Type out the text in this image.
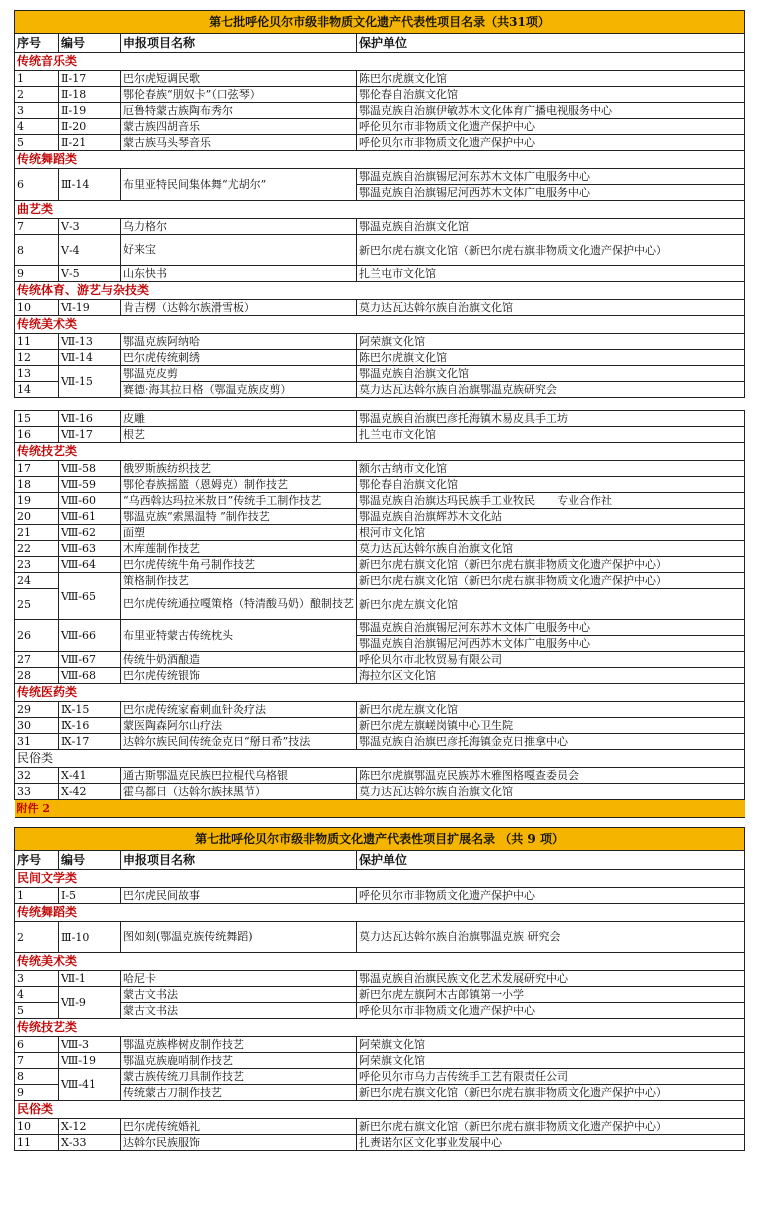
第七批呼伦贝尔市级非物质文化遗产代表性项目名录（共31项）			
序号	编号	申报项目名称	保护单位
传统音乐类			
1	Ⅱ-17	巴尔虎短调民歌	陈巴尔虎旗文化馆
2	Ⅱ-18	鄂伦春族“朋奴卡”（口弦琴）	鄂伦春自治旗文化馆
3	Ⅱ-19	厄鲁特蒙古族陶布秀尔	鄂温克族自治旗伊敏苏木文化体育广播电视服务中心
4	Ⅱ-20	蒙古族四胡音乐	呼伦贝尔市非物质文化遗产保护中心
5	Ⅱ-21	蒙古族马头琴音乐	呼伦贝尔市非物质文化遗产保护中心
传统舞蹈类			
6	Ⅲ-14	布里亚特民间集体舞“尤胡尔”	鄂温克族自治旗锡尼河东苏木文体广电服务中心
			鄂温克族自治旗锡尼河西苏木文体广电服务中心
曲艺类			
7	Ⅴ-3	乌力格尔	鄂温克族自治旗文化馆
8	Ⅴ-4	好来宝	新巴尔虎右旗文化馆（新巴尔虎右旗非物质文化遗产保护中心）
9	Ⅴ-5	山东快书	扎兰屯市文化馆
传统体育、游艺与杂技类			
10	Ⅵ-19	肯吉楞（达斡尔族滑雪板）	莫力达瓦达斡尔族自治旗文化馆
传统美术类			
11	Ⅶ-13	鄂温克族阿纳哈	阿荣旗文化馆
12	Ⅶ-14	巴尔虎传统刺绣	陈巴尔虎旗文化馆
13	Ⅶ-15	鄂温克皮剪	鄂温克族自治旗文化馆
14		赛德·海其拉日格（鄂温克族皮剪）	莫力达瓦达斡尔族自治旗鄂温克族研究会

15	Ⅶ-16	皮雕	鄂温克族自治旗巴彦托海镇木易皮具手工坊
16	Ⅶ-17	根艺	扎兰屯市文化馆
传统技艺类			
17	Ⅷ-58	俄罗斯族纺织技艺	额尔古纳市文化馆
18	Ⅷ-59	鄂伦春族摇篮（恩姆克）制作技艺	鄂伦春自治旗文化馆
19	Ⅷ-60	“乌西斡达玛拉米敖日”传统手工制作技艺	鄂温克族自治旗达玛民族手工业牧民　　专业合作社
20	Ⅷ-61	鄂温克族“索黑温特 ”制作技艺	鄂温克族自治旗辉苏木文化站
21	Ⅷ-62	面塑	根河市文化馆
22	Ⅷ-63	木库莲制作技艺	莫力达瓦达斡尔族自治旗文化馆
23	Ⅷ-64	巴尔虎传统牛角弓制作技艺	新巴尔虎右旗文化馆（新巴尔虎右旗非物质文化遗产保护中心）
24	Ⅷ-65	策格制作技艺	新巴尔虎右旗文化馆（新巴尔虎右旗非物质文化遗产保护中心）
25		巴尔虎传统通拉嘎策格（特清酸马奶）酿制技艺	新巴尔虎左旗文化馆
26	Ⅷ-66	布里亚特蒙古传统枕头	鄂温克族自治旗锡尼河东苏木文体广电服务中心
			鄂温克族自治旗锡尼河西苏木文体广电服务中心
27	Ⅷ-67	传统牛奶酒酿造	呼伦贝尔市北牧贸易有限公司
28	Ⅷ-68	巴尔虎传统银饰	海拉尔区文化馆
传统医药类			
29	Ⅸ-15	巴尔虎传统家畜刺血针灸疗法	新巴尔虎左旗文化馆
30	Ⅸ-16	蒙医陶森阿尔山疗法	新巴尔虎左旗嵯岗镇中心卫生院
31	Ⅸ-17	达斡尔族民间传统金克日“掰日希”技法	鄂温克族自治旗巴彦托海镇金克日推拿中心
民俗类			
32	Ⅹ-41	通古斯鄂温克民族巴拉棍代乌格银	陈巴尔虎旗鄂温克民族苏木雅图格嘎查委员会
33	Ⅹ-42	霍乌都日（达斡尔族抹黑节）	莫力达瓦达斡尔族自治旗文化馆
附件 2			

第七批呼伦贝尔市级非物质文化遗产代表性项目扩展名录 （共 9 项）			
序号	编号	申报项目名称	保护单位
民间文学类			
1	Ⅰ-5	巴尔虎民间故事	呼伦贝尔市非物质文化遗产保护中心
传统舞蹈类			
2	Ⅲ-10	图如刻(鄂温克族传统舞蹈)	莫力达瓦达斡尔族自治旗鄂温克族 研究会
传统美术类			
3	Ⅶ-1	哈尼卡	鄂温克族自治旗民族文化艺术发展研究中心
4	Ⅶ-9	蒙古文书法	新巴尔虎左旗阿木古郎镇第一小学
5		蒙古文书法	呼伦贝尔市非物质文化遗产保护中心
传统技艺类			
6	Ⅷ-3	鄂温克族桦树皮制作技艺	阿荣旗文化馆
7	Ⅷ-19	鄂温克族鹿哨制作技艺	阿荣旗文化馆
8	Ⅷ-41	蒙古族传统刀具制作技艺	呼伦贝尔市乌力吉传统手工艺有限责任公司
9		传统蒙古刀制作技艺	新巴尔虎右旗文化馆（新巴尔虎右旗非物质文化遗产保护中心）
民俗类			
10	Ⅹ-12	巴尔虎传统婚礼	新巴尔虎右旗文化馆（新巴尔虎右旗非物质文化遗产保护中心）
11	Ⅹ-33	达斡尔民族服饰	扎赉诺尔区文化事业发展中心
